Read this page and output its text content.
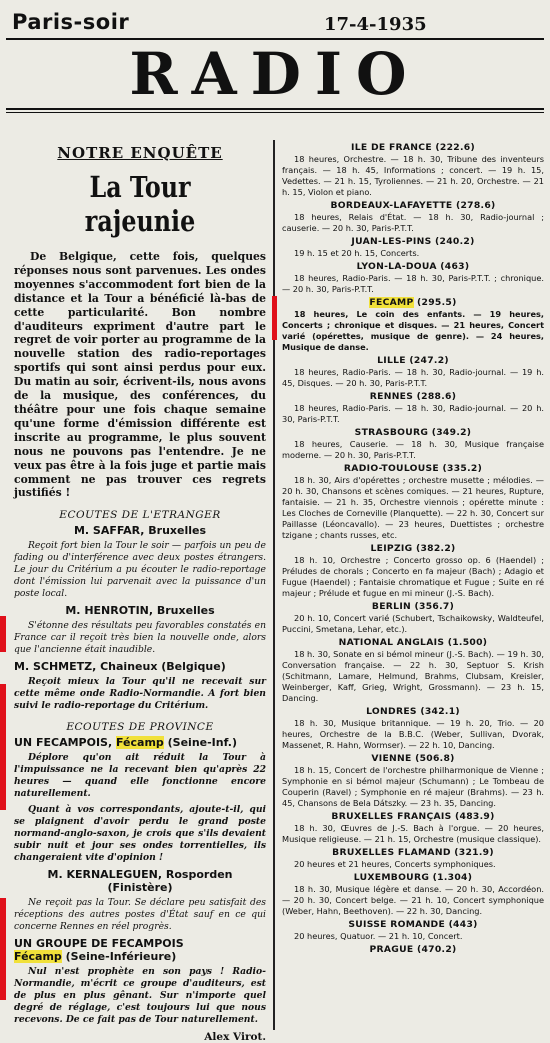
Paris-soir	17-4-1935
RADIO
NOTRE ENQUÊTE
La Tour rajeunie

De Belgique, cette fois, quelques réponses nous sont parvenues. Les ondes moyennes s'accommodent fort bien de la distance et la Tour a bénéficié là-bas de cette particularité. Bon nombre d'auditeurs expriment d'autre part le regret de voir porter au programme de la nouvelle station des radio-reportages sportifs qui sont ainsi perdus pour eux. Du matin au soir, écrivent-ils, nous avons de la musique, des conférences, du théâtre pour une fois chaque semaine qu'une forme d'émission différente est inscrite au programme, le plus souvent nous ne pouvons pas l'entendre. Je ne veux pas être à la fois juge et partie mais comment ne pas trouver ces regrets justifiés !

ECOUTES DE L'ETRANGER
M. SAFFAR, Bruxelles

Reçoit fort bien la Tour le soir — parfois un peu de fading ou d'interférence avec deux postes étrangers. Le jour du Critérium a pu écouter le radio-reportage dont l'émission lui parvenait avec la puissance d'un poste local.

M. HENROTIN, Bruxelles

S'étonne des résultats peu favorables constatés en France car il reçoit très bien la nouvelle onde, alors que l'ancienne était inaudible.

M. SCHMETZ, Chaineux (Belgique)

Reçoit mieux la Tour qu'il ne recevait sur cette même onde Radio-Normandie. A fort bien suivi le radio-reportage du Critérium.

ECOUTES DE PROVINCE
UN FECAMPOIS, Fécamp (Seine-Inf.)

Déplore qu'on ait réduit la Tour à l'impuissance ne la recevant bien qu'après 22 heures — quand elle fonctionne encore naturellement.

Quant à vos correspondants, ajoute-t-il, qui se plaignent d'avoir perdu le grand poste normand-anglo-saxon, je crois que s'ils devaient subir nuit et jour ses ondes torrentielles, ils changeraient vite d'opinion !

M. KERNALEGUEN, Rosporden
(Finistère)

Ne reçoit pas la Tour. Se déclare peu satisfait des réceptions des autres postes d'État sauf en ce qui concerne Rennes en réel progrès.

UN GROUPE DE FECAMPOIS
Fécamp (Seine-Inférieure)

Nul n'est prophète en son pays ! Radio-Normandie, m'écrit ce groupe d'auditeurs, est de plus en plus gênant. Sur n'importe quel degré de réglage, c'est toujours lui que nous recevons. De ce fait pas de Tour naturellement.

Alex Virot.
ILE DE FRANCE (222.6)

18 heures, Orchestre. — 18 h. 30, Tribune des inventeurs français. — 18 h. 45, Informations ; concert. — 19 h. 15, Vedettes. — 21 h. 15, Tyroliennes. — 21 h. 20, Orchestre. — 21 h. 15, Violon et piano.

BORDEAUX-LAFAYETTE (278.6)

18 heures, Relais d'État. — 18 h. 30, Radio-journal ; causerie. — 20 h. 30, Paris-P.T.T.

JUAN-LES-PINS (240.2)

19 h. 15 et 20 h. 15, Concerts.

LYON-LA-DOUA (463)

18 heures, Radio-Paris. — 18 h. 30, Paris-P.T.T. ; chronique. — 20 h. 30, Paris-P.T.T.

FECAMP (295.5)

18 heures, Le coin des enfants. — 19 heures, Concerts ; chronique et disques. — 21 heures, Concert varié (opérettes, musique de genre). — 24 heures, Musique de danse.

LILLE (247.2)

18 heures, Radio-Paris. — 18 h. 30, Radio-journal. — 19 h. 45, Disques. — 20 h. 30, Paris-P.T.T.

RENNES (288.6)

18 heures, Radio-Paris. — 18 h. 30, Radio-journal. — 20 h. 30, Paris-P.T.T.

STRASBOURG (349.2)

18 heures, Causerie. — 18 h. 30, Musique française moderne. — 20 h. 30, Paris-P.T.T.

RADIO-TOULOUSE (335.2)

18 h. 30, Airs d'opérettes ; orchestre musette ; mélodies. — 20 h. 30, Chansons et scènes comiques. — 21 heures, Rupture, fantaisie. — 21 h. 35, Orchestre viennois ; opérette minute : Les Cloches de Corneville (Planquette). — 22 h. 30, Concert sur Paillasse (Léoncavallo). — 23 heures, Duettistes ; orchestre tzigane ; chants russes, etc.

LEIPZIG (382.2)

18 h. 10, Orchestre ; Concerto grosso op. 6 (Haendel) ; Préludes de chorals ; Concerto en fa majeur (Bach) ; Adagio et Fugue (Haendel) ; Fantaisie chromatique et Fugue ; Suite en ré majeur ; Prélude et fugue en mi mineur (J.-S. Bach).

BERLIN (356.7)

20 h. 10, Concert varié (Schubert, Tschaikowsky, Waldteufel, Puccini, Smetana, Lehar, etc.).

NATIONAL ANGLAIS (1.500)

18 h. 30, Sonate en si bémol mineur (J.-S. Bach). — 19 h. 30, Conversation française. — 22 h. 30, Septuor S. Krish (Schitmann, Lamare, Helmund, Brahms, Clubsam, Kreisler, Weinberger, Kaff, Grieg, Wright, Grossmann). — 23 h. 15, Dancing.

LONDRES (342.1)

18 h. 30, Musique britannique. — 19 h. 20, Trio. — 20 heures, Orchestre de la B.B.C. (Weber, Sullivan, Dvorak, Massenet, R. Hahn, Wormser). — 22 h. 10, Dancing.

VIENNE (506.8)

18 h. 15, Concert de l'orchestre philharmonique de Vienne ; Symphonie en si bémol majeur (Schumann) ; Le Tombeau de Couperin (Ravel) ; Symphonie en ré majeur (Brahms). — 23 h. 45, Chansons de Bela Dátszky. — 23 h. 35, Dancing.

BRUXELLES FRANÇAIS (483.9)

18 h. 30, Œuvres de J.-S. Bach à l'orgue. — 20 heures, Musique religieuse. — 21 h. 15, Orchestre (musique classique).

BRUXELLES FLAMAND (321.9)

20 heures et 21 heures, Concerts symphoniques.

LUXEMBOURG (1.304)

18 h. 30, Musique légère et danse. — 20 h. 30, Accordéon. — 20 h. 30, Concert belge. — 21 h. 10, Concert symphonique (Weber, Hahn, Beethoven). — 22 h. 30, Dancing.

SUISSE ROMANDE (443)

20 heures, Quatuor. — 21 h. 10, Concert.

PRAGUE (470.2)
